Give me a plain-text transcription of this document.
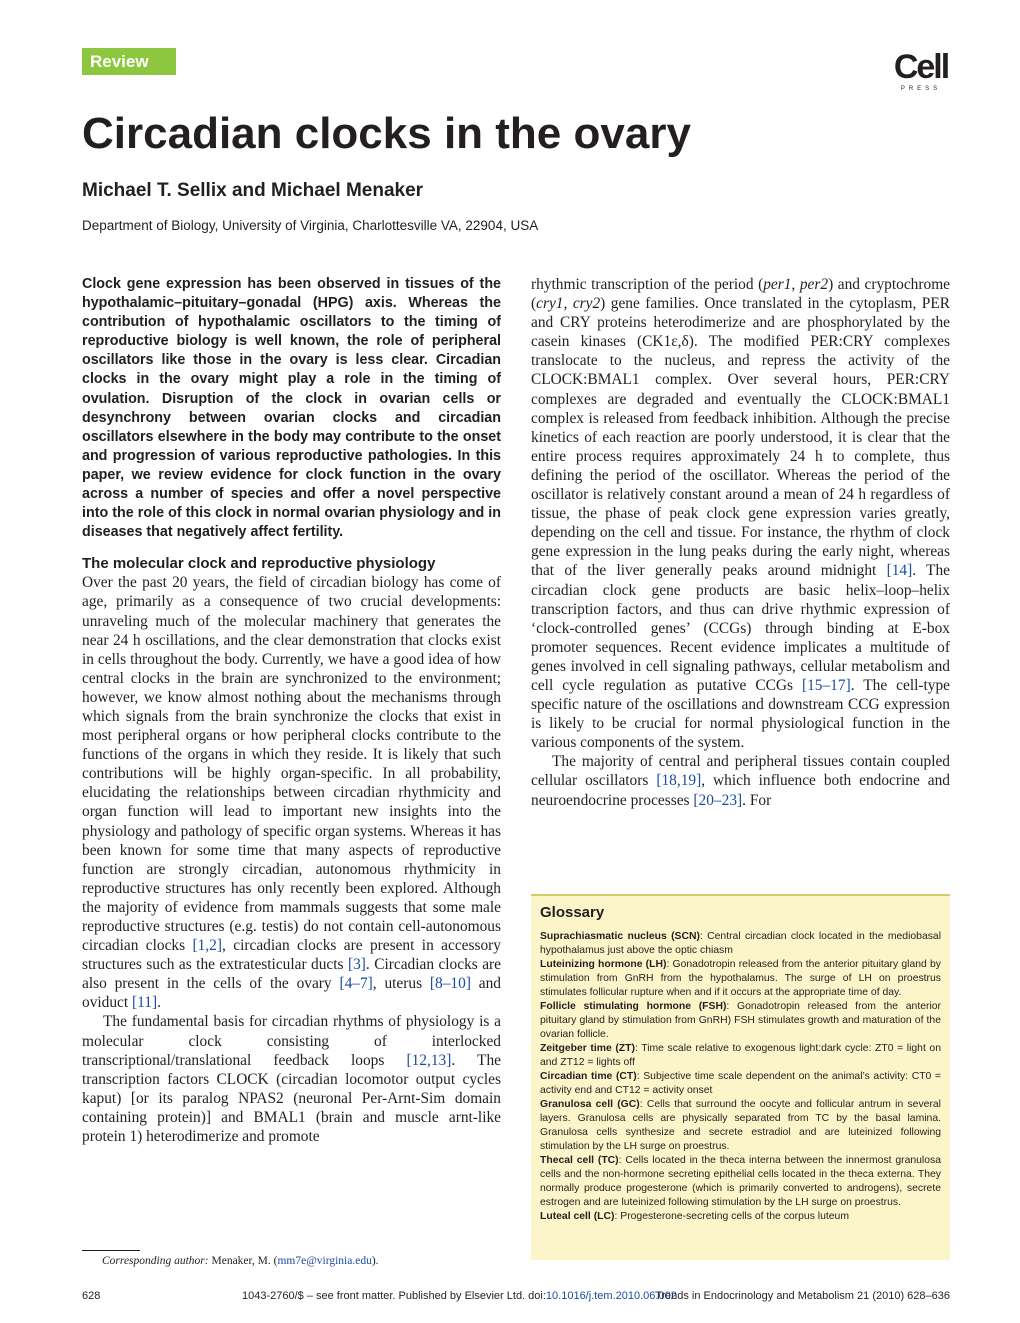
Review	Cell
PRESS
Circadian clocks in the ovary
Michael T. Sellix and Michael Menaker
Department of Biology, University of Virginia, Charlottesville VA, 22904, USA

Clock gene expression has been observed in tissues of the hypothalamic–pituitary–gonadal (HPG) axis. Whereas the contribution of hypothalamic oscillators to the timing of reproductive biology is well known, the role of peripheral oscillators like those in the ovary is less clear. Circadian clocks in the ovary might play a role in the timing of ovulation. Disruption of the clock in ovarian cells or desynchrony between ovarian clocks and circadian oscillators elsewhere in the body may contribute to the onset and progression of various reproductive pathologies. In this paper, we review evidence for clock function in the ovary across a number of species and offer a novel perspective into the role of this clock in normal ovarian physiology and in diseases that negatively affect fertility.

The molecular clock and reproductive physiology

Over the past 20 years, the field of circadian biology has come of age, primarily as a consequence of two crucial developments: unraveling much of the molecular machinery that generates the near 24 h oscillations, and the clear demonstration that clocks exist in cells throughout the body. Currently, we have a good idea of how central clocks in the brain are synchronized to the environment; however, we know almost nothing about the mechanisms through which signals from the brain synchronize the clocks that exist in most peripheral organs or how peripheral clocks contribute to the functions of the organs in which they reside. It is likely that such contributions will be highly organ-specific. In all probability, elucidating the relationships between circadian rhythmicity and organ function will lead to important new insights into the physiology and pathology of specific organ systems. Whereas it has been known for some time that many aspects of reproductive function are strongly circadian, autonomous rhythmicity in reproductive structures has only recently been explored. Although the majority of evidence from mammals suggests that some male reproductive structures (e.g. testis) do not contain cell-autonomous circadian clocks [1,2], circadian clocks are present in accessory structures such as the extratesticular ducts [3]. Circadian clocks are also present in the cells of the ovary [4–7], uterus [8–10] and oviduct [11].

The fundamental basis for circadian rhythms of physiology is a molecular clock consisting of interlocked transcriptional/translational feedback loops [12,13]. The transcription factors CLOCK (circadian locomotor output cycles kaput) [or its paralog NPAS2 (neuronal Per-Arnt-Sim domain containing protein)] and BMAL1 (brain and muscle arnt-like protein 1) heterodimerize and promote

rhythmic transcription of the period (per1, per2) and cryptochrome (cry1, cry2) gene families. Once translated in the cytoplasm, PER and CRY proteins heterodimerize and are phosphorylated by the casein kinases (CK1ε,δ). The modified PER:CRY complexes translocate to the nucleus, and repress the activity of the CLOCK:BMAL1 complex. Over several hours, PER:CRY complexes are degraded and eventually the CLOCK:BMAL1 complex is released from feedback inhibition. Although the precise kinetics of each reaction are poorly understood, it is clear that the entire process requires approximately 24 h to complete, thus defining the period of the oscillator. Whereas the period of the oscillator is relatively constant around a mean of 24 h regardless of tissue, the phase of peak clock gene expression varies greatly, depending on the cell and tissue. For instance, the rhythm of clock gene expression in the lung peaks during the early night, whereas that of the liver generally peaks around midnight [14]. The circadian clock gene products are basic helix–loop–helix transcription factors, and thus can drive rhythmic expression of ‘clock-controlled genes’ (CCGs) through binding at E-box promoter sequences. Recent evidence implicates a multitude of genes involved in cell signaling pathways, cellular metabolism and cell cycle regulation as putative CCGs [15–17]. The cell-type specific nature of the oscillations and downstream CCG expression is likely to be crucial for normal physiological function in the various components of the system.

The majority of central and peripheral tissues contain coupled cellular oscillators [18,19], which influence both endocrine and neuroendocrine processes [20–23]. For

Glossary

Suprachiasmatic nucleus (SCN): Central circadian clock located in the mediobasal hypothalamus just above the optic chiasm

Luteinizing hormone (LH): Gonadotropin released from the anterior pituitary gland by stimulation from GnRH from the hypothalamus. The surge of LH on proestrus stimulates follicular rupture when and if it occurs at the appropriate time of day.

Follicle stimulating hormone (FSH): Gonadotropin released from the anterior pituitary gland by stimulation from GnRH) FSH stimulates growth and maturation of the ovarian follicle.

Zeitgeber time (ZT): Time scale relative to exogenous light:dark cycle: ZT0 = light on and ZT12 = lights off

Circadian time (CT): Subjective time scale dependent on the animal’s activity: CT0 = activity end and CT12 = activity onset

Granulosa cell (GC): Cells that surround the oocyte and follicular antrum in several layers. Granulosa cells are physically separated from TC by the basal lamina. Granulosa cells synthesize and secrete estradiol and are luteinized following stimulation by the LH surge on proestrus.

Thecal cell (TC): Cells located in the theca interna between the innermost granulosa cells and the non-hormone secreting epithelial cells located in the theca externa. They normally produce progesterone (which is primarily converted to androgens), secrete estrogen and are luteinized following stimulation by the LH surge on proestrus.

Luteal cell (LC): Progesterone-secreting cells of the corpus luteum

Corresponding author: Menaker, M. (mm7e@virginia.edu).
628	1043-2760/$ – see front matter. Published by Elsevier Ltd. doi:10.1016/j.tem.2010.06.002
Trends in Endocrinology and Metabolism 21 (2010) 628–636
